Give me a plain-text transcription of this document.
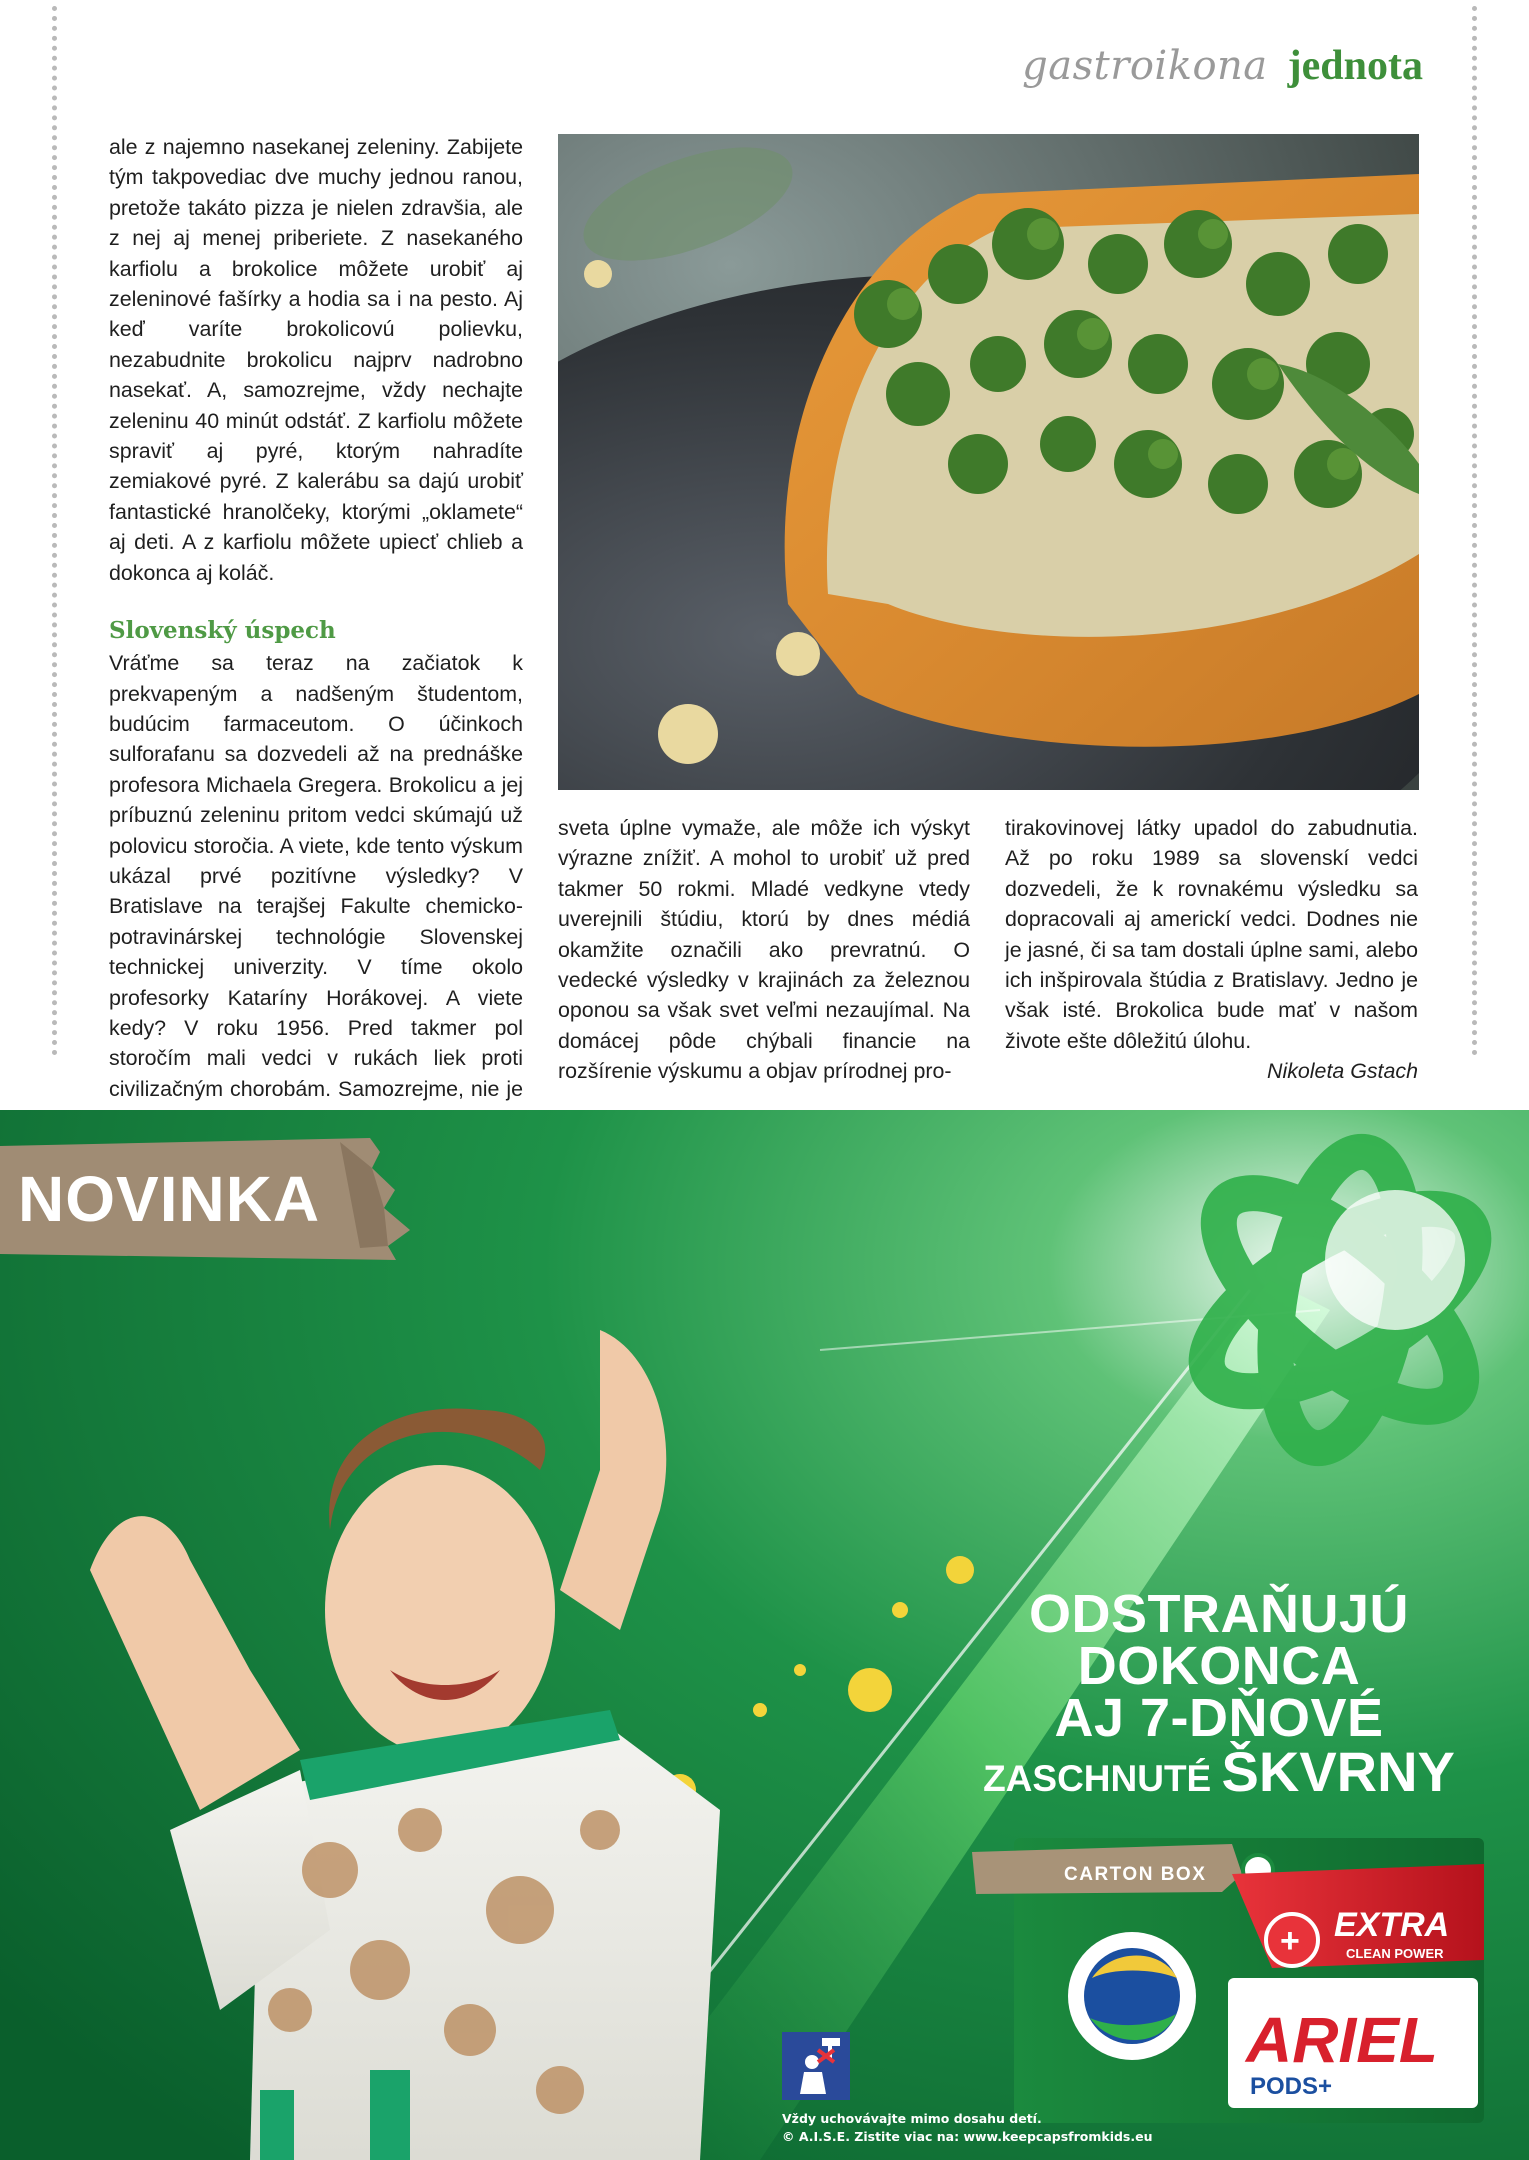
gastroikona jednota

ale z najemno nasekanej zeleniny. Zabijete tým takpovediac dve muchy jednou ranou, pretože takáto pizza je nielen zdravšia, ale z nej aj menej priberiete. Z nasekaného karfiolu a brokolice môžete urobiť aj zeleninové fašírky a hodia sa i na pesto. Aj keď varíte brokolicovú polievku, nezabudnite brokolicu najprv nadrobno nasekať. A, samozrejme, vždy nechajte zeleninu 40 minút odstáť. Z karfiolu môžete spraviť aj pyré, ktorým nahradíte zemiakové pyré. Z kalerábu sa dajú urobiť fantastické hranolčeky, ktorými „oklamete“ aj deti. A z karfiolu môžete upiecť chlieb a dokonca aj koláč.

Slovenský úspech

Vráťme sa teraz na začiatok k prekvapeným a nadšeným študentom, budúcim farmaceutom. O účinkoch sulforafanu sa dozvedeli až na prednáške profesora Michaela Gregera. Brokolicu a jej príbuznú zeleninu pritom vedci skúmajú už polovicu storočia. A viete, kde tento výskum ukázal prvé pozitívne výsledky? V Bratislave na terajšej Fakulte chemicko-potravinárskej technológie Slovenskej technickej univerzity. V tíme okolo profesorky Kataríny Horákovej. A viete kedy? V roku 1956. Pred takmer pol storočím mali vedci v rukách liek proti civilizačným chorobám. Samozrejme, nie je

sveta úplne vymaže, ale môže ich výskyt výrazne znížiť. A mohol to urobiť už pred takmer 50 rokmi. Mladé vedkyne vtedy uverejnili štúdiu, ktorú by dnes médiá okamžite označili ako prevratnú. O vedecké výsledky v krajinách za železnou oponou sa však svet veľmi nezaujímal. Na domácej pôde chýbali financie na rozšírenie výskumu a objav prírodnej pro-

tirakovinovej látky upadol do zabudnutia. Až po roku 1989 sa slovenskí vedci dozvedeli, že k rovnakému výsledku sa dopracovali aj americkí vedci. Dodnes nie je jasné, či sa tam dostali úplne sami, alebo ich inšpirovala štúdia z Bratislavy. Jedno je však isté. Brokolica bude mať v našom živote ešte dôležitú úlohu.

Nikoleta Gstach

NOVINKA
ODSTRAŇUJÚ
DOKONCA
AJ 7-DŇOVÉ
ZASCHNUTÉ ŠKVRNY
CARTON BOX
+ EXTRA
CLEAN POWER
ARIEL
PODS+
Vždy uchovávajte mimo dosahu detí.
© A.I.S.E. Zistite viac na: www.keepcapsfromkids.eu
